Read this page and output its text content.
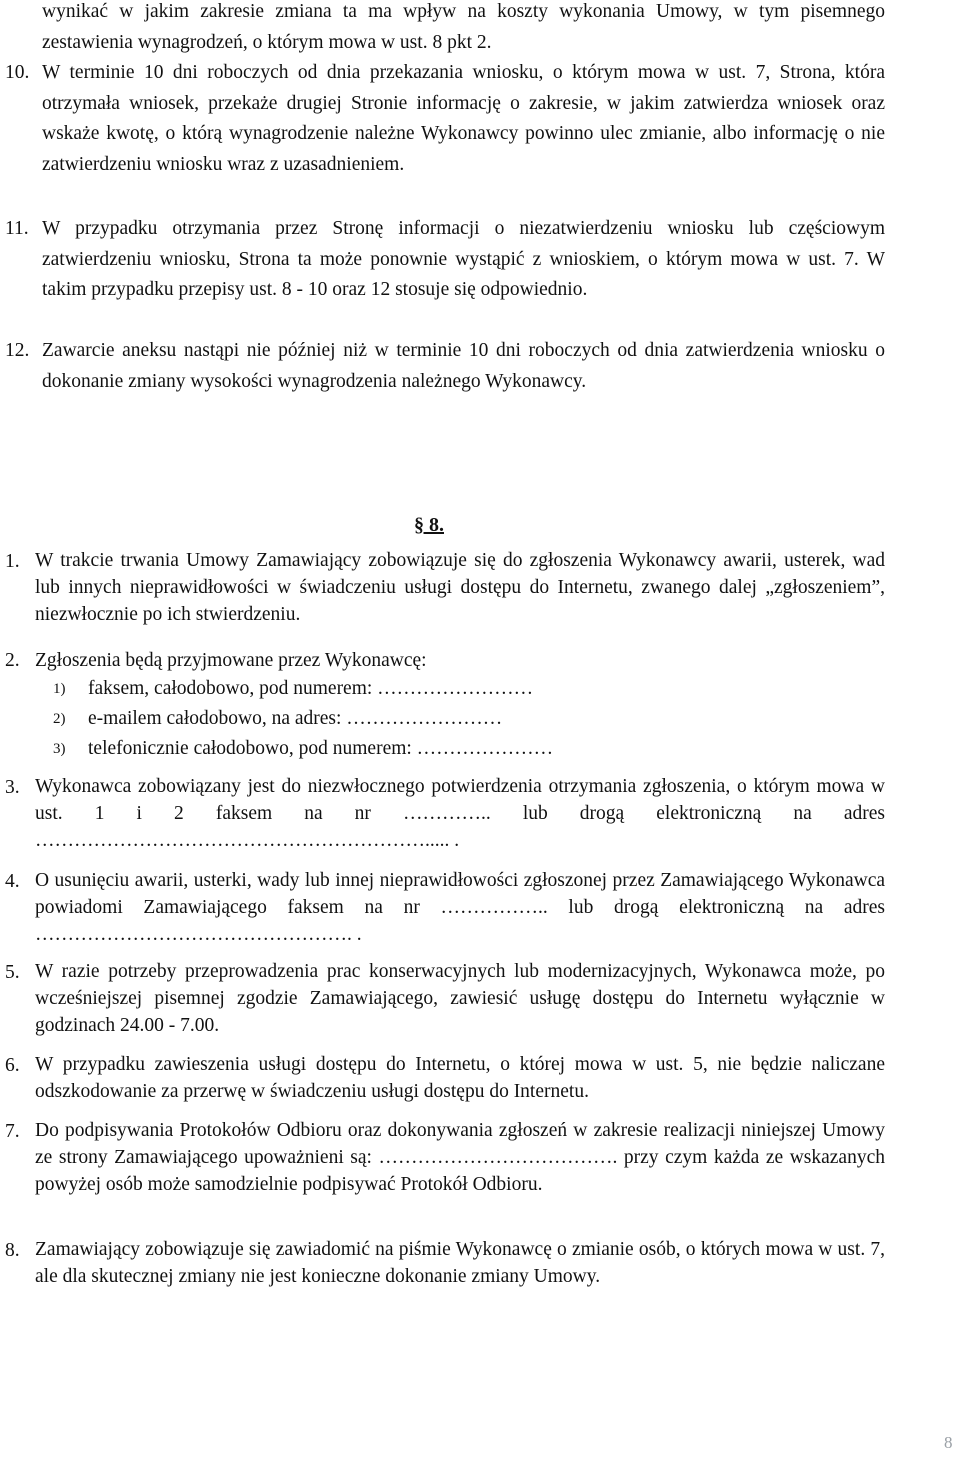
wynikać w jakim zakresie zmiana ta ma wpływ na koszty wykonania Umowy, w tym pisemnego zestawienia wynagrodzeń, o którym mowa w ust. 8 pkt 2.

10. W terminie 10 dni roboczych od dnia przekazania wniosku, o którym mowa w ust. 7, Strona, która otrzymała wniosek, przekaże drugiej Stronie informację o zakresie, w jakim zatwierdza wniosek oraz wskaże kwotę, o którą wynagrodzenie należne Wykonawcy powinno ulec zmianie, albo informację o nie zatwierdzeniu wniosku wraz z uzasadnieniem.

11. W przypadku otrzymania przez Stronę informacji o niezatwierdzeniu wniosku lub częściowym zatwierdzeniu wniosku, Strona ta może ponownie wystąpić z wnioskiem, o którym mowa w ust. 7. W takim przypadku przepisy ust. 8 - 10 oraz 12 stosuje się odpowiednio.

12. Zawarcie aneksu nastąpi nie później niż w terminie 10 dni roboczych od dnia zatwierdzenia wniosku o dokonanie zmiany wysokości wynagrodzenia należnego Wykonawcy.

§ 8.
1. W trakcie trwania Umowy Zamawiający zobowiązuje się do zgłoszenia Wykonawcy awarii, usterek, wad lub innych nieprawidłowości w świadczeniu usługi dostępu do Internetu, zwanego dalej „zgłoszeniem”, niezwłocznie po ich stwierdzeniu.

2. Zgłoszenia będą przyjmowane przez Wykonawcę:

1)	faksem, całodobowo, pod numerem: ……………………
2)	e-mailem całodobowo, na adres: ……………………
3)	telefonicznie całodobowo, pod numerem: …………………
3. Wykonawca zobowiązany jest do niezwłocznego potwierdzenia otrzymania zgłoszenia, o którym mowa w ust. 1 i 2 faksem na nr ………….. lub drogą elektroniczną na adres ……………………………………………………..... .

4. O usunięciu awarii, usterki, wady lub innej nieprawidłowości zgłoszonej przez Zamawiającego Wykonawca powiadomi Zamawiającego faksem na nr …………….. lub drogą elektroniczną na adres …………………………………………. .

5. W razie potrzeby przeprowadzenia prac konserwacyjnych lub modernizacyjnych, Wykonawca może, po wcześniejszej pisemnej zgodzie Zamawiającego, zawiesić usługę dostępu do Internetu wyłącznie w godzinach 24.00 - 7.00.

6. W przypadku zawieszenia usługi dostępu do Internetu, o której mowa w ust. 5, nie będzie naliczane odszkodowanie za przerwę w świadczeniu usługi dostępu do Internetu.

7. Do podpisywania Protokołów Odbioru oraz dokonywania zgłoszeń w zakresie realizacji niniejszej Umowy ze strony Zamawiającego upoważnieni są: ………………………………. przy czym każda ze wskazanych powyżej osób może samodzielnie podpisywać Protokół Odbioru.

8. Zamawiający zobowiązuje się zawiadomić na piśmie Wykonawcę o zmianie osób, o których mowa w ust. 7, ale dla skutecznej zmiany nie jest konieczne dokonanie zmiany Umowy.

8
